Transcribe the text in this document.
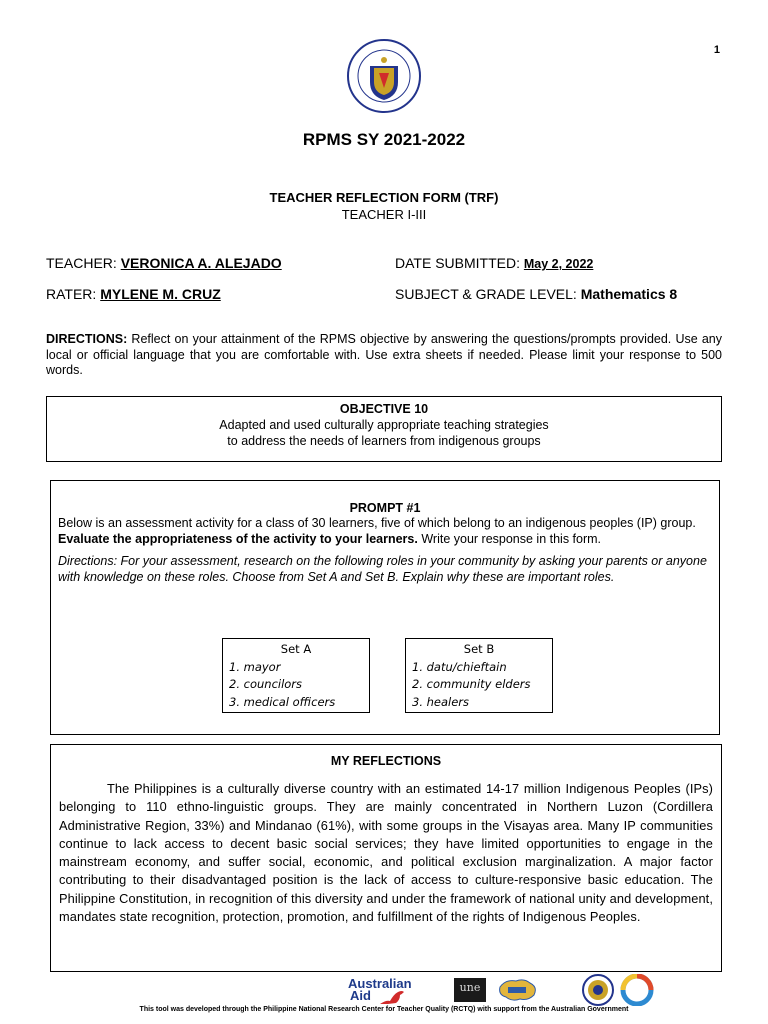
1
RPMS SY 2021-2022
TEACHER REFLECTION FORM (TRF)
TEACHER I-III
TEACHER: VERONICA A. ALEJADO	DATE SUBMITTED: May 2, 2022
RATER: MYLENE M. CRUZ	SUBJECT & GRADE LEVEL: Mathematics 8
DIRECTIONS: Reflect on your attainment of the RPMS objective by answering the questions/prompts provided. Use any local or official language that you are comfortable with. Use extra sheets if needed. Please limit your response to 500 words.
OBJECTIVE 10
Adapted and used culturally appropriate teaching strategies
to address the needs of learners from indigenous groups
PROMPT #1
Below is an assessment activity for a class of 30 learners, five of which belong to an indigenous peoples (IP) group. Evaluate the appropriateness of the activity to your learners. Write your response in this form.
Directions: For your assessment, research on the following roles in your community by asking your parents or anyone with knowledge on these roles. Choose from Set A and Set B. Explain why these are important roles.
Set A
1. mayor
2. councilors
3. medical officers
Set B
1. datu/chieftain
2. community elders
3. healers
MY REFLECTIONS
The Philippines is a culturally diverse country with an estimated 14-17 million Indigenous Peoples (IPs) belonging to 110 ethno-linguistic groups. They are mainly concentrated in Northern Luzon (Cordillera Administrative Region, 33%) and Mindanao (61%), with some groups in the Visayas area. Many IP communities continue to lack access to decent basic social services; they have limited opportunities to engage in the mainstream economy, and suffer social, economic, and political exclusion marginalization. A major factor contributing to their disadvantaged position is the lack of access to culture-responsive basic education. The Philippine Constitution, in recognition of this diversity and under the framework of national unity and development, mandates state recognition, protection, promotion, and fulfillment of the rights of Indigenous Peoples.
Australian
Aid
une
This tool was developed through the Philippine National Research Center for Teacher Quality (RCTQ) with support from the Australian Government
